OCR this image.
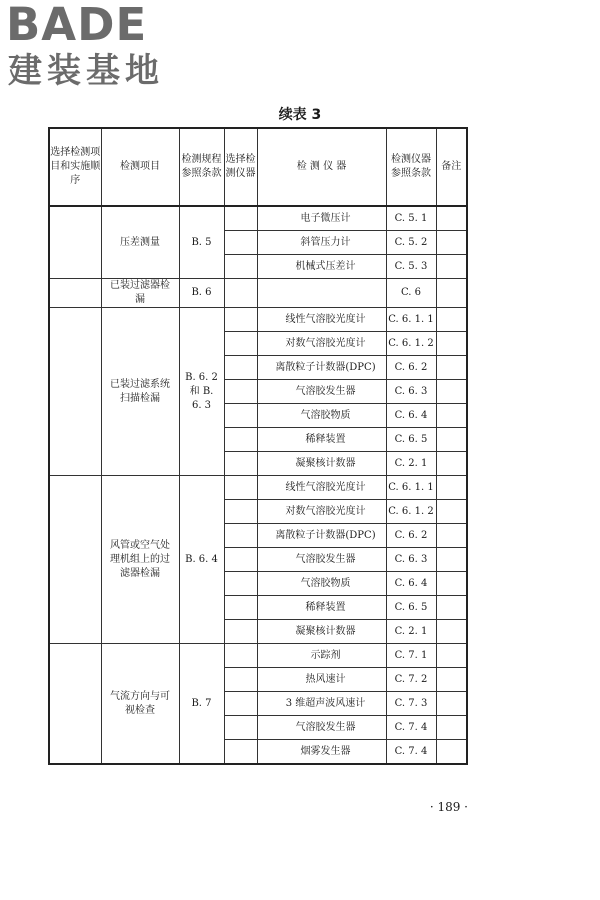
BADE
建装基地
续表 3
选择检测项目和实施顺序	检测项目	检测规程参照条款	选择检测仪器	检 测 仪 器	检测仪器参照条款	备注
	压差测量	B. 5		电子微压计	C. 5. 1	
				斜管压力计	C. 5. 2	
				机械式压差计	C. 5. 3	
	已装过滤器检漏	B. 6			C. 6	
	已装过滤系统扫描检漏	B. 6. 2 和 B. 6. 3		线性气溶胶光度计	C. 6. 1. 1	
				对数气溶胶光度计	C. 6. 1. 2	
				离散粒子计数器(DPC)	C. 6. 2	
				气溶胶发生器	C. 6. 3	
				气溶胶物质	C. 6. 4	
				稀释装置	C. 6. 5	
				凝聚核计数器	C. 2. 1	
	风管或空气处理机组上的过滤器检漏	B. 6. 4		线性气溶胶光度计	C. 6. 1. 1	
				对数气溶胶光度计	C. 6. 1. 2	
				离散粒子计数器(DPC)	C. 6. 2	
				气溶胶发生器	C. 6. 3	
				气溶胶物质	C. 6. 4	
				稀释装置	C. 6. 5	
				凝聚核计数器	C. 2. 1	
	气流方向与可视检查	B. 7		示踪剂	C. 7. 1	
				热风速计	C. 7. 2	
				3 维超声波风速计	C. 7. 3	
				气溶胶发生器	C. 7. 4	
				烟雾发生器	C. 7. 4	
· 189 ·
